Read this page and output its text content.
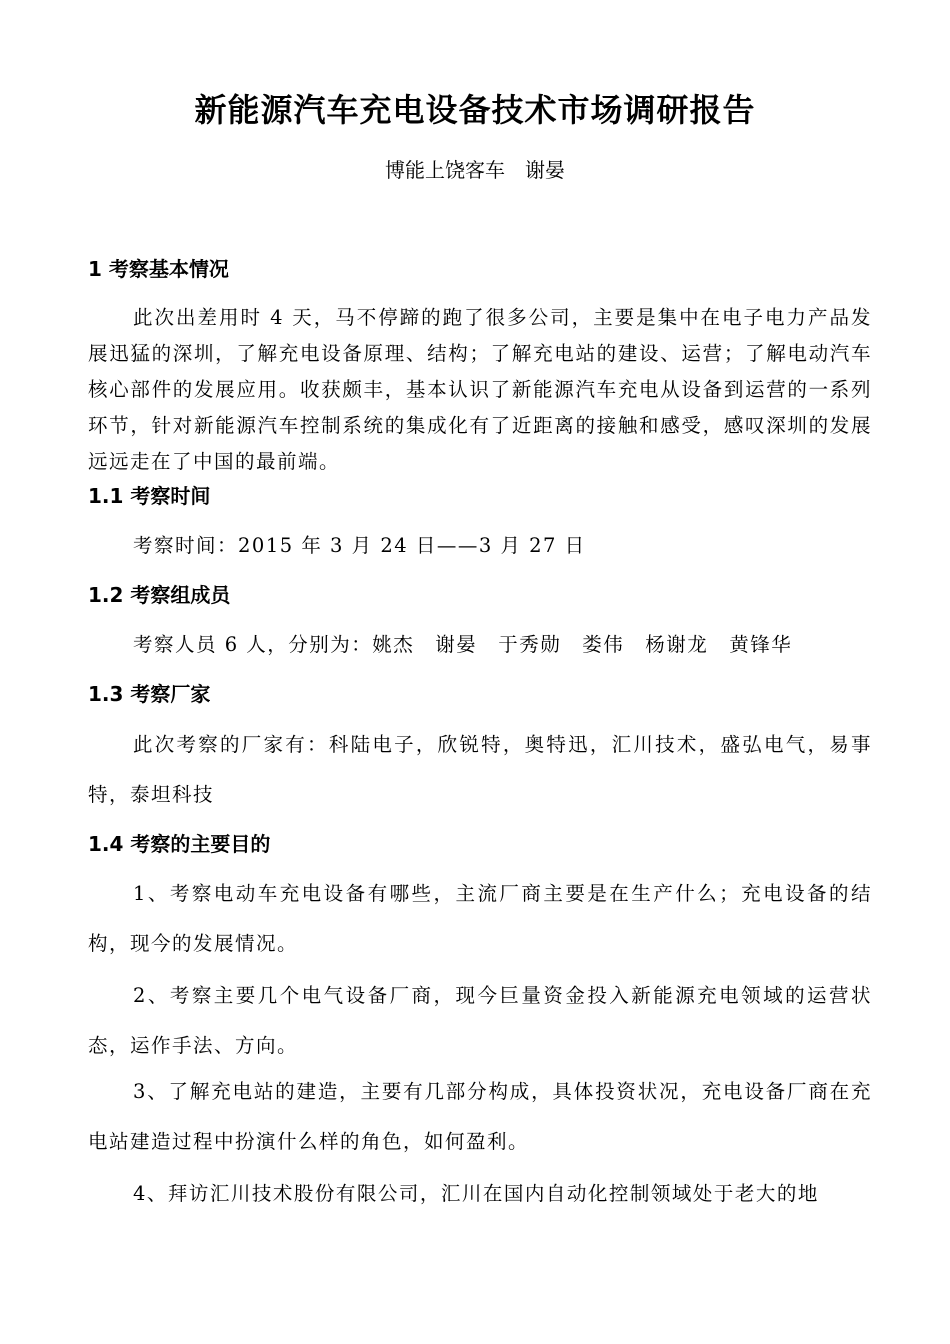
新能源汽车充电设备技术市场调研报告
博能上饶客车　谢晏
1 考察基本情况

此次出差用时 4 天，马不停蹄的跑了很多公司，主要是集中在电子电力产品发展迅猛的深圳，了解充电设备原理、结构；了解充电站的建设、运营；了解电动汽车核心部件的发展应用。收获颇丰，基本认识了新能源汽车充电从设备到运营的一系列环节，针对新能源汽车控制系统的集成化有了近距离的接触和感受，感叹深圳的发展远远走在了中国的最前端。

1.1 考察时间

考察时间：2015 年 3 月 24 日——3 月 27 日

1.2 考察组成员

考察人员 6 人，分别为：姚杰　谢晏　于秀勋　娄伟　杨谢龙　黄锋华

1.3 考察厂家

此次考察的厂家有：科陆电子，欣锐特，奥特迅，汇川技术，盛弘电气，易事特，泰坦科技

1.4 考察的主要目的

1、考察电动车充电设备有哪些，主流厂商主要是在生产什么；充电设备的结构，现今的发展情况。

2、考察主要几个电气设备厂商，现今巨量资金投入新能源充电领域的运营状态，运作手法、方向。

3、了解充电站的建造，主要有几部分构成，具体投资状况，充电设备厂商在充电站建造过程中扮演什么样的角色，如何盈利。

4、拜访汇川技术股份有限公司，汇川在国内自动化控制领域处于老大的地
